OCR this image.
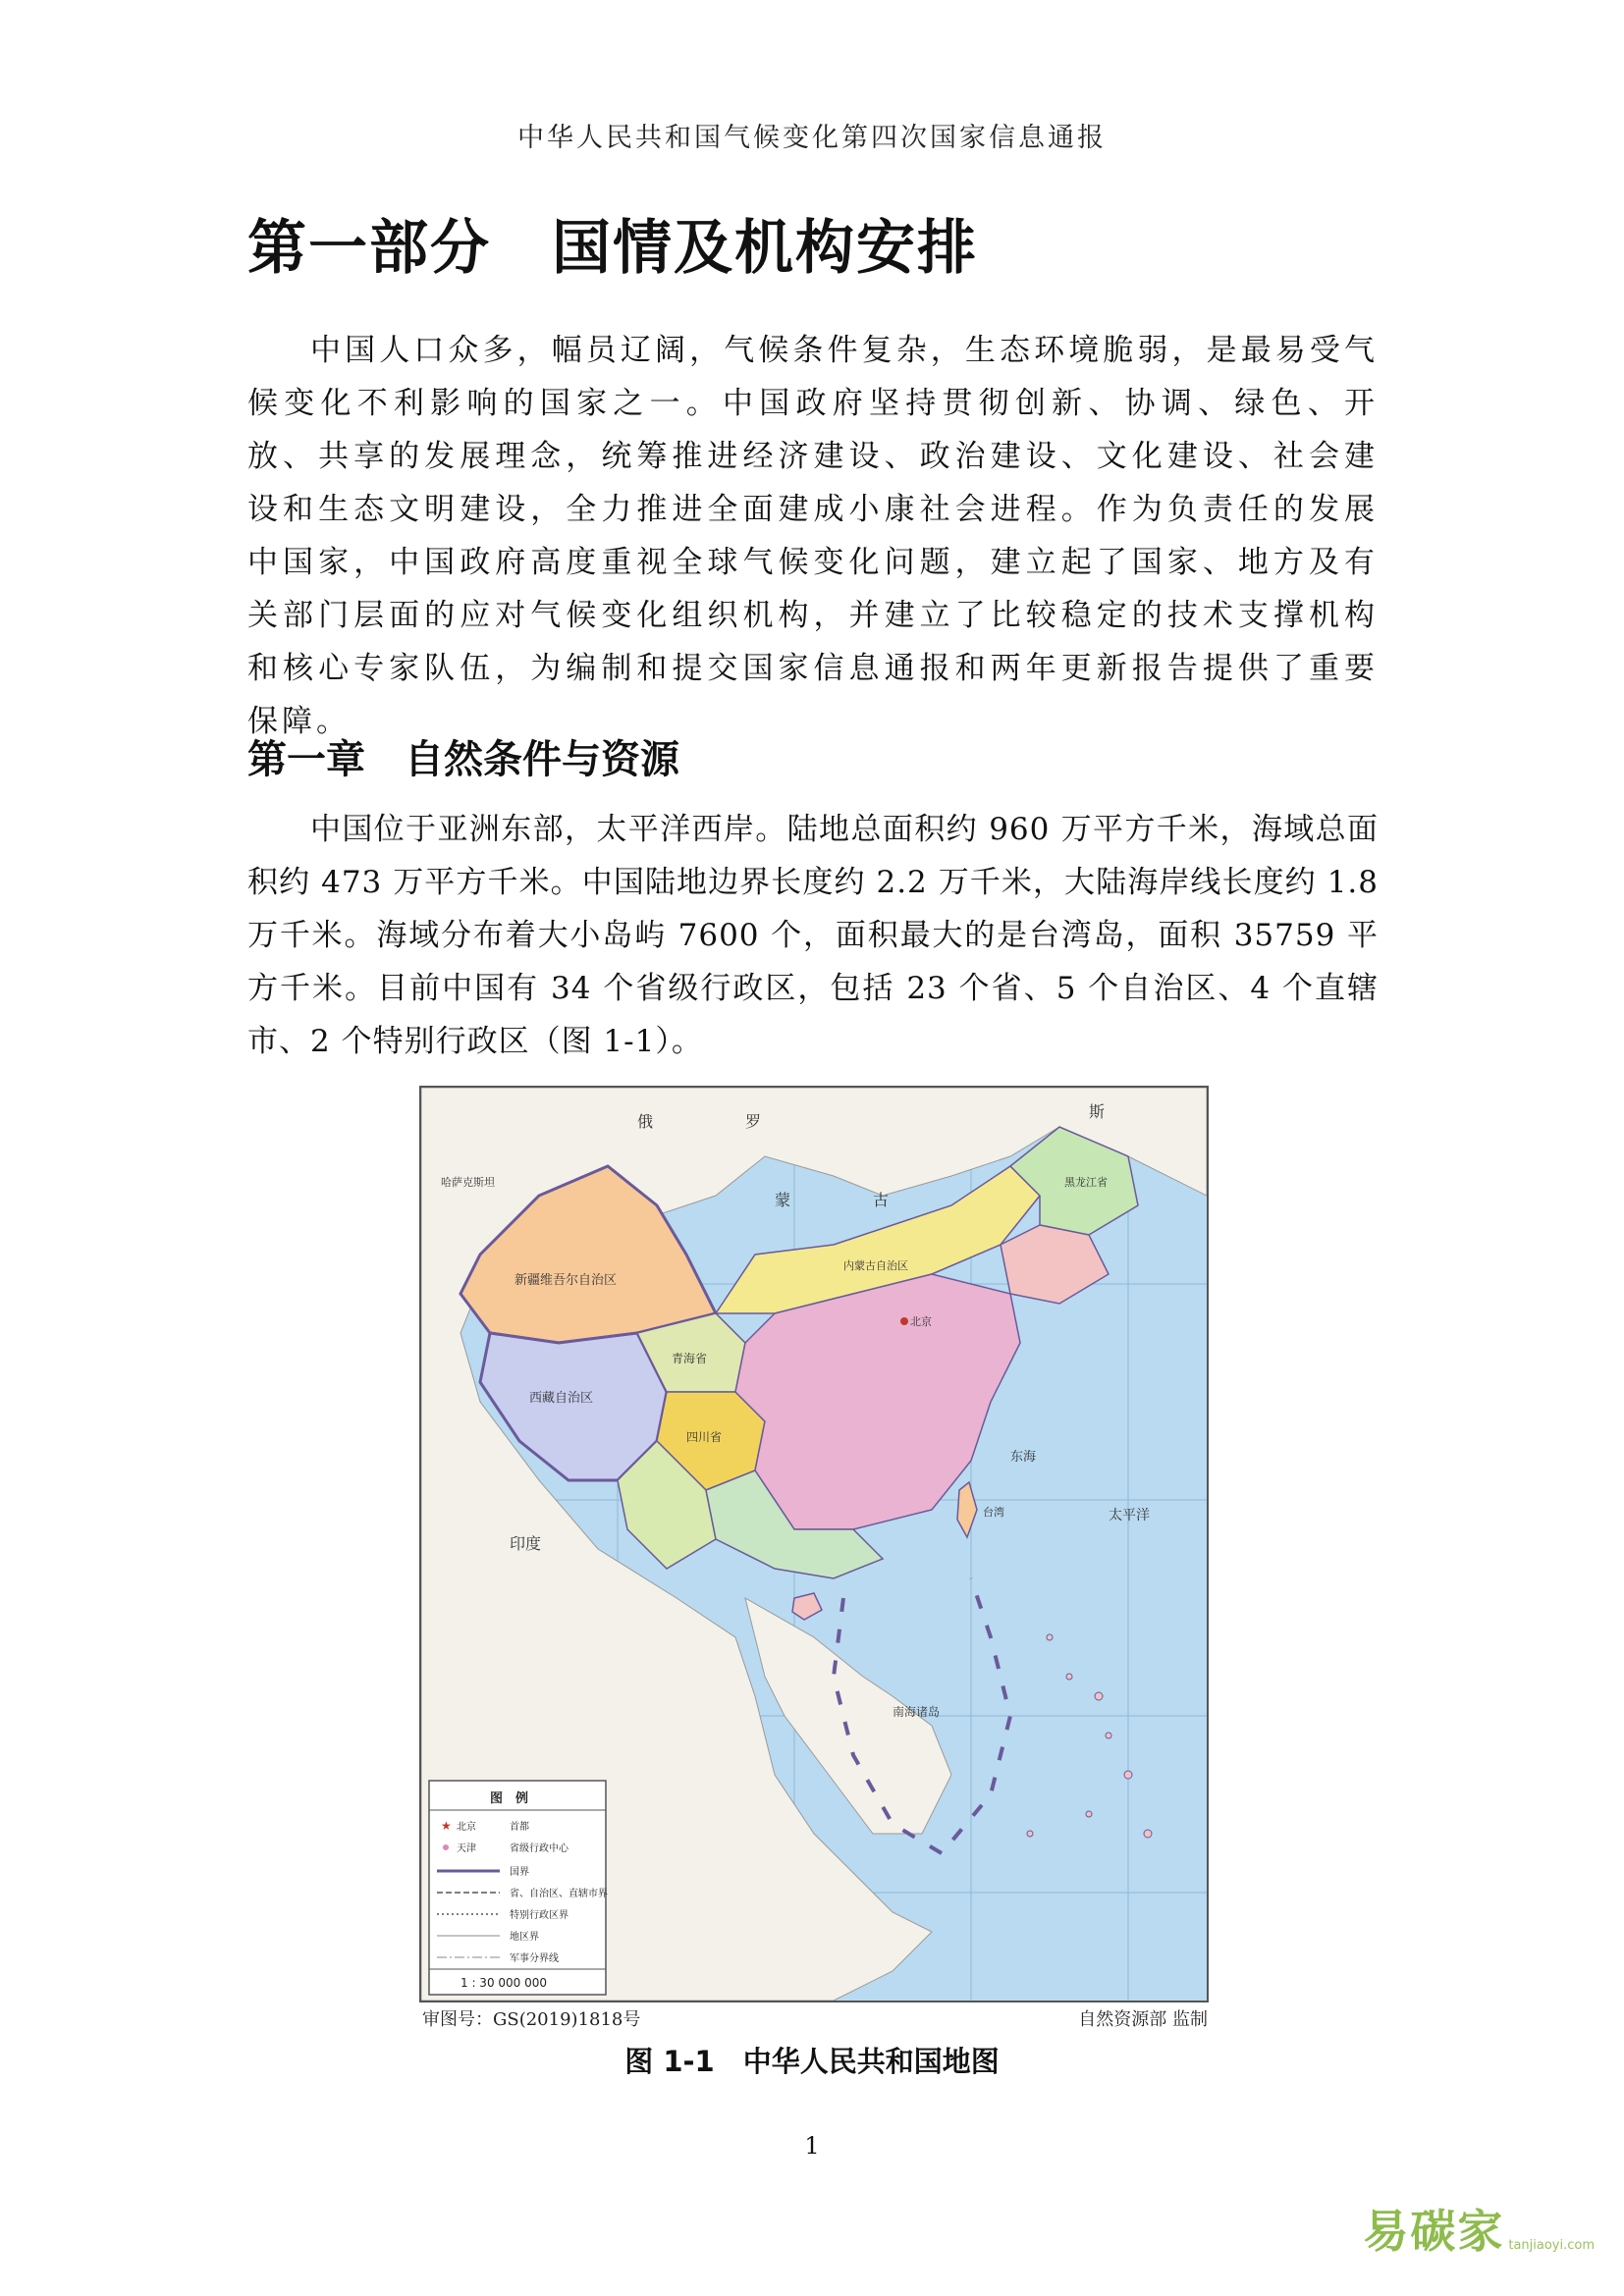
中华人民共和国气候变化第四次国家信息通报
第一部分　国情及机构安排

中国人口众多，幅员辽阔，气候条件复杂，生态环境脆弱，是最易受气候变化不利影响的国家之一。中国政府坚持贯彻创新、协调、绿色、开放、共享的发展理念，统筹推进经济建设、政治建设、文化建设、社会建设和生态文明建设，全力推进全面建成小康社会进程。作为负责任的发展中国家，中国政府高度重视全球气候变化问题，建立起了国家、地方及有关部门层面的应对气候变化组织机构，并建立了比较稳定的技术支撑机构和核心专家队伍，为编制和提交国家信息通报和两年更新报告提供了重要保障。

第一章　自然条件与资源

中国位于亚洲东部，太平洋西岸。陆地总面积约 960 万平方千米，海域总面积约 473 万平方千米。中国陆地边界长度约 2.2 万千米，大陆海岸线长度约 1.8 万千米。海域分布着大小岛屿 7600 个，面积最大的是台湾岛，面积 35759 平方千米。目前中国有 34 个省级行政区，包括 23 个省、5 个自治区、4 个直辖市、2 个特别行政区（图 1-1）。

俄	罗
斯
蒙	古
哈萨克斯坦
新疆维吾尔自治区
西藏自治区
青海省
四川省
内蒙古自治区
黑龙江省
北京
印度
太平洋
东海
台湾
南海诸岛
图　例
★ 北京	首都
天津	省级行政中心
国界
省、自治区、直辖市界
特别行政区界
地区界
军事分界线
1 : 30 000 000
审图号：GS(2019)1818号	自然资源部 监制
图 1-1　中华人民共和国地图
1
易碳家 tanjiaoyi.com
